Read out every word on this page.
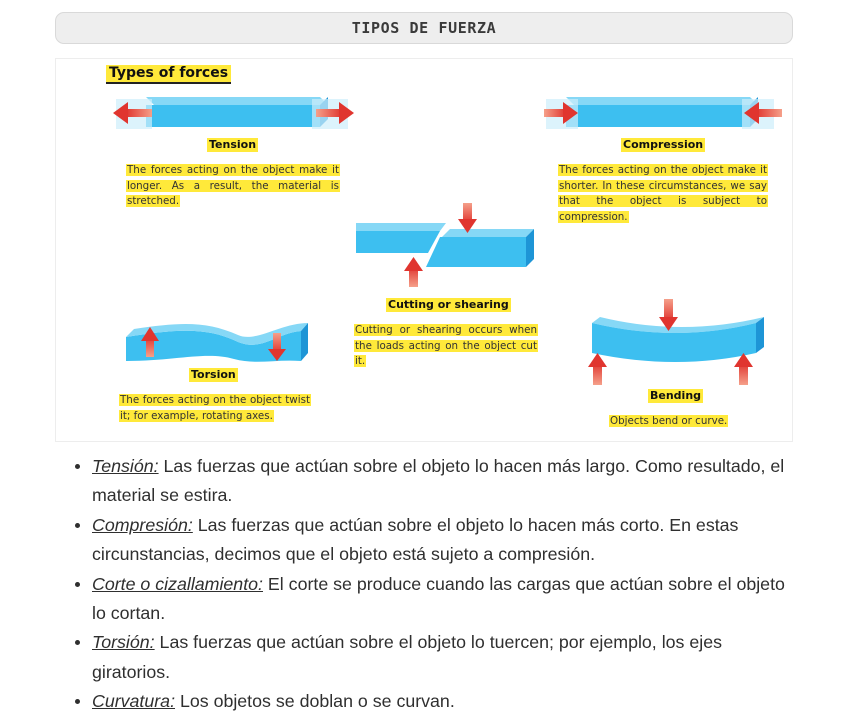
TIPOS DE FUERZA
Types of forces
Tension
The forces acting on the object make it longer. As a result, the material is stretched.
Compression
The forces acting on the object make it shorter. In these circumstances, we say that the object is subject to compression.
Cutting or shearing
Cutting or shearing occurs when the loads acting on the object cut it.
Torsion
The forces acting on the object twist it; for example, rotating axes.
Bending
Objects bend or curve.
• Tensión: Las fuerzas que actúan sobre el objeto lo hacen más largo. Como resultado, el material se estira.
• Compresión: Las fuerzas que actúan sobre el objeto lo hacen más corto. En estas circunstancias, decimos que el objeto está sujeto a compresión.
• Corte o cizallamiento: El corte se produce cuando las cargas que actúan sobre el objeto lo cortan.
• Torsión: Las fuerzas que actúan sobre el objeto lo tuercen; por ejemplo, los ejes giratorios.
• Curvatura: Los objetos se doblan o se curvan.
